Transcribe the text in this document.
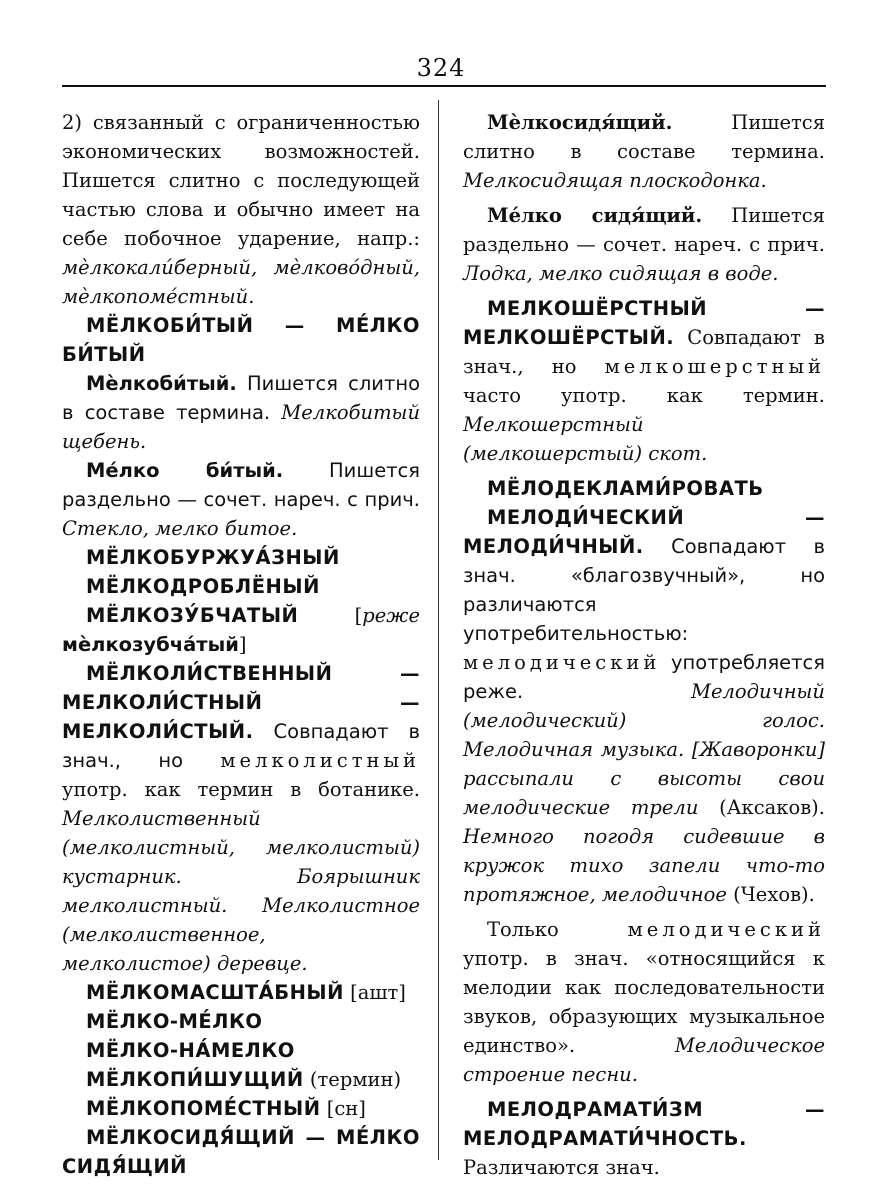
324

2) связанный с ограниченностью экономических возможностей. Пишется слитно с последующей частью слова и обычно имеет на себе побочное ударение, напр.: мѐлкокали́берный, мѐлково́дный, мѐлкопоме́стный.

МЁЛКОБИ́ТЫЙ — МЕ́ЛКО БИ́ТЫЙ

Мѐлкоби́тый. Пишется слитно в составе термина. Мелкобитый щебень.

Ме́лко би́тый. Пишется раздельно — сочет. нареч. с прич. Стекло, мелко битое.

МЁЛКОБУРЖУА́ЗНЫЙ

МЁЛКОДРОБЛЁНЫЙ

МЁЛКОЗУ́БЧАТЫЙ [реже мѐлкозубча́тый]

МЁЛКОЛИ́СТВЕННЫЙ — МЕЛКОЛИ́СТНЫЙ — МЕЛКОЛИ́СТЫЙ. Совпадают в знач., но мелколистный употр. как термин в ботанике. Мелколиственный (мелколистный, мелколистый) кустарник. Боярышник мелколистный. Мелколистное (мелколиственное, мелколистое) деревце.

МЁЛКОМАСШТА́БНЫЙ [ашт]

МЁЛКО-МЕ́ЛКО

МЁЛКО-НА́МЕЛКО

МЁЛКОПИ́ШУЩИЙ (термин)

МЁЛКОПОМЕ́СТНЫЙ [сн]

МЁЛКОСИДЯ́ЩИЙ — МЕ́ЛКО СИДЯ́ЩИЙ

Мѐлкосидя́щий. Пишется слитно в составе термина. Мелкосидящая плоскодонка.

Ме́лко сидя́щий. Пишется раздельно — сочет. нареч. с прич. Лодка, мелко сидящая в воде.

МЕЛКОШЁРСТНЫЙ — МЕЛКОШЁРСТЫЙ. Совпадают в знач., но мелкошерстный часто употр. как термин. Мелкошерстный (мелкошерстый) скот.

МЁЛОДЕКЛАМИ́РОВАТЬ

МЕЛОДИ́ЧЕСКИЙ — МЕЛОДИ́ЧНЫЙ. Совпадают в знач. «благозвучный», но различаются употребительностью: мелодический употребляется реже. Мелодичный (мелодический) голос. Мелодичная музыка. [Жаворонки] рассыпали с высоты свои мелодические трели (Аксаков). Немного погодя сидевшие в кружок тихо запели что-то протяжное, мелодичное (Чехов).

Только мелодический употр. в знач. «относящийся к мелодии как последовательности звуков, образующих музыкальное единство». Мелодическое строение песни.

МЕЛОДРАМАТИ́ЗМ — МЕЛОДРАМАТИ́ЧНОСТЬ. Различаются знач.
